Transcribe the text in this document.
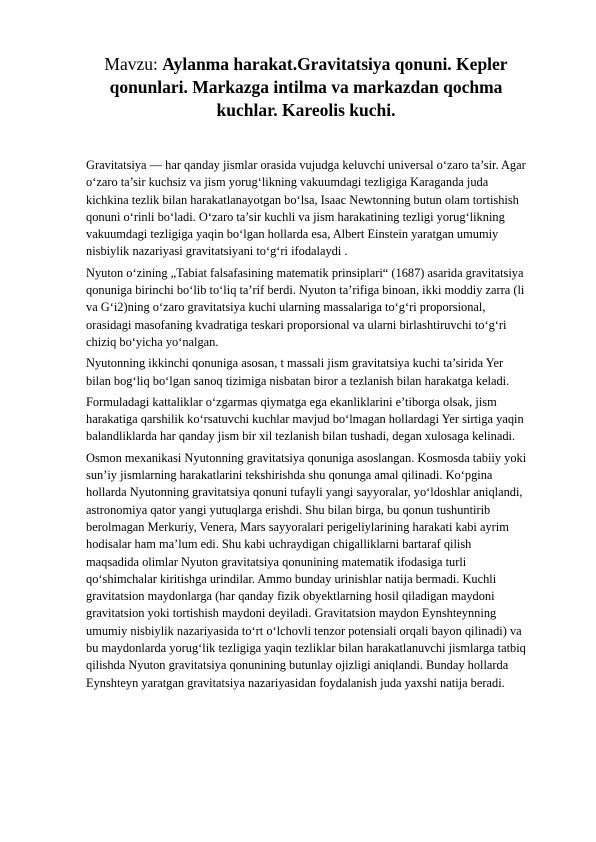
Mavzu: Aylanma harakat.Gravitatsiya qonuni. Kepler qonunlari. Markazga intilma va markazdan qochma kuchlar. Kareolis kuchi.

Gravitatsiya — har qanday jismlar orasida vujudga keluvchi universal o‘zaro ta’sir. Agar o‘zaro ta’sir kuchsiz va jism yorug‘likning vakuumdagi tezligiga Karaganda juda kichkina tezlik bilan harakatlanayotgan bo‘lsa, Isaac Newtonning butun olam tortishish qonuni o‘rinli bo‘ladi. O‘zaro ta’sir kuchli va jism harakatining tezligi yorug‘likning vakuumdagi tezligiga yaqin bo‘lgan hollarda esa, Albert Einstein yaratgan umumiy nisbiylik nazariyasi gravitatsiyani to‘g‘ri ifodalaydi .

Nyuton o‘zining „Tabiat falsafasining matematik prinsiplari“ (1687) asarida gravitatsiya qonuniga birinchi bo‘lib to‘liq ta’rif berdi. Nyuton ta’rifiga binoan, ikki moddiy zarra (li va G‘i2)ning o‘zaro gravitatsiya kuchi ularning massalariga to‘g‘ri proporsional, orasidagi masofaning kvadratiga teskari proporsional va ularni birlashtiruvchi to‘g‘ri chiziq bo‘yicha yo‘nalgan.

Nyutonning ikkinchi qonuniga asosan, t massali jism gravitatsiya kuchi ta’sirida Yer bilan bog‘liq bo‘lgan sanoq tizimiga nisbatan biror a tezlanish bilan harakatga keladi.

Formuladagi kattaliklar o‘zgarmas qiymatga ega ekanliklarini e’tiborga olsak, jism harakatiga qarshilik ko‘rsatuvchi kuchlar mavjud bo‘lmagan hollardagi Yer sirtiga yaqin balandliklarda har qanday jism bir xil tezlanish bilan tushadi, degan xulosaga kelinadi.

Osmon mexanikasi Nyutonning gravitatsiya qonuniga asoslangan. Kosmosda tabiiy yoki sun’iy jismlarning harakatlarini tekshirishda shu qonunga amal qilinadi. Ko‘pgina hollarda Nyutonning gravitatsiya qonuni tufayli yangi sayyoralar, yo‘ldoshlar aniqlandi, astronomiya qator yangi yutuqlarga erishdi. Shu bilan birga, bu qonun tushuntirib berolmagan Merkuriy, Venera, Mars sayyoralari perigeliylarining harakati kabi ayrim hodisalar ham ma’lum edi. Shu kabi uchraydigan chigalliklarni bartaraf qilish maqsadida olimlar Nyuton gravitatsiya qonunining matematik ifodasiga turli qo‘shimchalar kiritishga urindilar. Ammo bunday urinishlar natija bermadi. Kuchli gravitatsion maydonlarga (har qanday fizik obyektlarning hosil qiladigan maydoni gravitatsion yoki tortishish maydoni deyiladi. Gravitatsion maydon Eynshteynning umumiy nisbiylik nazariyasida to‘rt o‘lchovli tenzor potensiali orqali bayon qilinadi) va bu maydonlarda yorug‘lik tezligiga yaqin tezliklar bilan harakatlanuvchi jismlarga tatbiq qilishda Nyuton gravitatsiya qonunining butunlay ojizligi aniqlandi. Bunday hollarda Eynshteyn yaratgan gravitatsiya nazariyasidan foydalanish juda yaxshi natija beradi.
